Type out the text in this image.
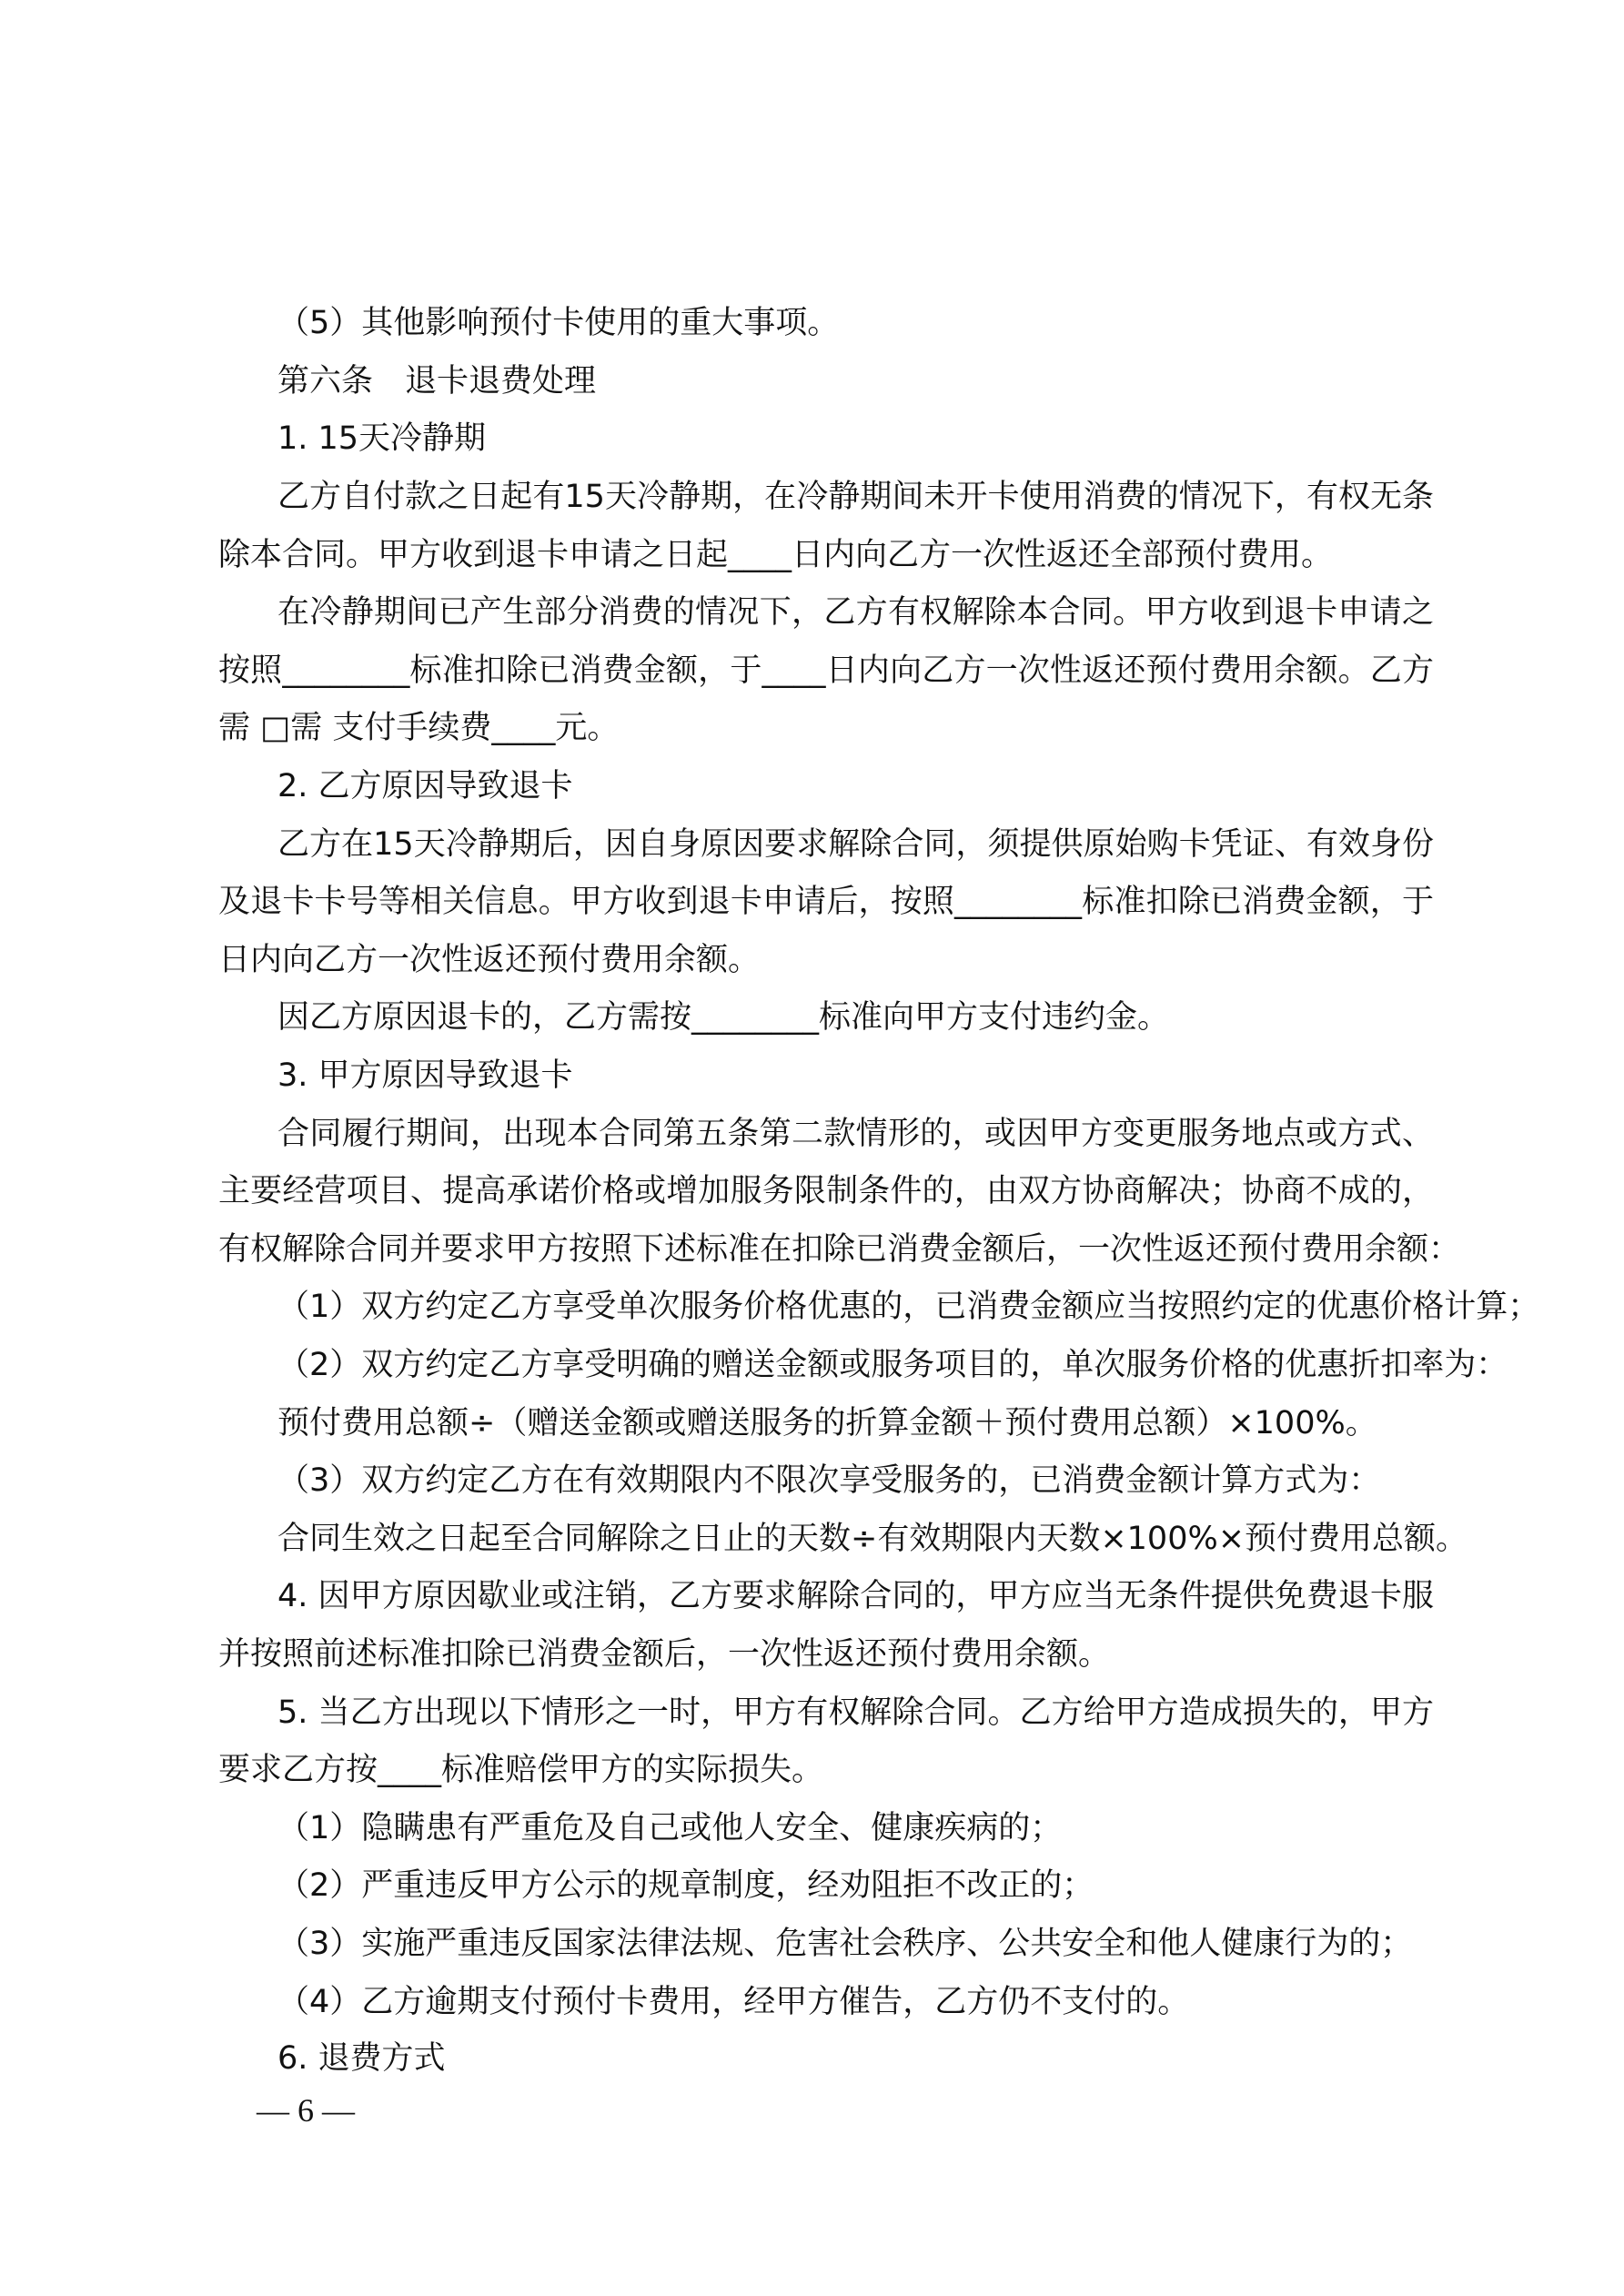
（5）其他影响预付卡使用的重大事项。
第六条　退卡退费处理
1. 15天冷静期
乙方自付款之日起有15天冷静期，在冷静期间未开卡使用消费的情况下，有权无条
除本合同。甲方收到退卡申请之日起____日内向乙方一次性返还全部预付费用。
在冷静期间已产生部分消费的情况下，乙方有权解除本合同。甲方收到退卡申请之
按照________标准扣除已消费金额，于____日内向乙方一次性返还预付费用余额。乙方
需 □需 支付手续费____元。
2. 乙方原因导致退卡
乙方在15天冷静期后，因自身原因要求解除合同，须提供原始购卡凭证、有效身份
及退卡卡号等相关信息。甲方收到退卡申请后，按照________标准扣除已消费金额，于
日内向乙方一次性返还预付费用余额。
因乙方原因退卡的，乙方需按________标准向甲方支付违约金。
3. 甲方原因导致退卡
合同履行期间，出现本合同第五条第二款情形的，或因甲方变更服务地点或方式、
主要经营项目、提高承诺价格或增加服务限制条件的，由双方协商解决；协商不成的，
有权解除合同并要求甲方按照下述标准在扣除已消费金额后，一次性返还预付费用余额：
（1）双方约定乙方享受单次服务价格优惠的，已消费金额应当按照约定的优惠价格计算；
（2）双方约定乙方享受明确的赠送金额或服务项目的，单次服务价格的优惠折扣率为：
预付费用总额÷（赠送金额或赠送服务的折算金额＋预付费用总额）×100%。
（3）双方约定乙方在有效期限内不限次享受服务的，已消费金额计算方式为：
合同生效之日起至合同解除之日止的天数÷有效期限内天数×100%×预付费用总额。
4. 因甲方原因歇业或注销，乙方要求解除合同的，甲方应当无条件提供免费退卡服
并按照前述标准扣除已消费金额后，一次性返还预付费用余额。
5. 当乙方出现以下情形之一时，甲方有权解除合同。乙方给甲方造成损失的，甲方
要求乙方按____标准赔偿甲方的实际损失。
（1）隐瞒患有严重危及自己或他人安全、健康疾病的；
（2）严重违反甲方公示的规章制度，经劝阻拒不改正的；
（3）实施严重违反国家法律法规、危害社会秩序、公共安全和他人健康行为的；
（4）乙方逾期支付预付卡费用，经甲方催告，乙方仍不支付的。
6. 退费方式
— 6 —
